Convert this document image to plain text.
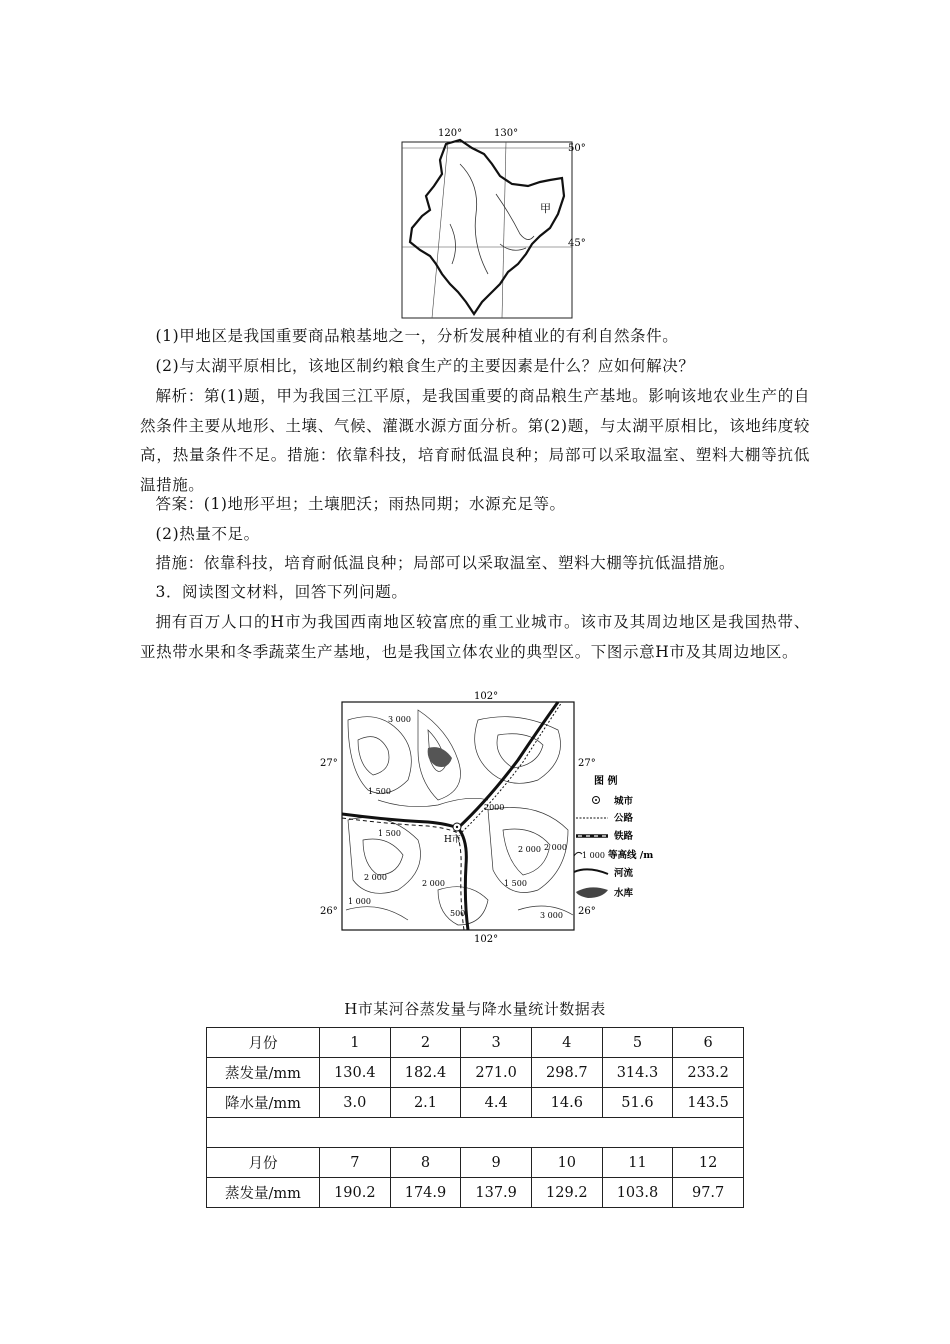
120°	130°
50°
45°
甲

(1)甲地区是我国重要商品粮基地之一，分析发展种植业的有利自然条件。

(2)与太湖平原相比，该地区制约粮食生产的主要因素是什么？应如何解决？

解析：第(1)题，甲为我国三江平原，是我国重要的商品粮生产基地。影响该地农业生产的自然条件主要从地形、土壤、气候、灌溉水源方面分析。第(2)题，与太湖平原相比，该地纬度较高，热量条件不足。措施：依靠科技，培育耐低温良种；局部可以采取温室、塑料大棚等抗低温措施。

答案：(1)地形平坦；土壤肥沃；雨热同期；水源充足等。

(2)热量不足。

措施：依靠科技，培育耐低温良种；局部可以采取温室、塑料大棚等抗低温措施。

3．阅读图文材料，回答下列问题。

拥有百万人口的H市为我国西南地区较富庶的重工业城市。该市及其周边地区是我国热带、亚热带水果和冬季蔬菜生产基地，也是我国立体农业的典型区。下图示意H市及其周边地区。

H市
102°
102°
27°	27°
26°	26°
3 000
1 500
1 500
2 000
2 000
2 000
1 000
1 500
2 000
3 000
500
2000
图 例
城市
公路
铁路
1 000 等高线 /m
河流
水库
H市某河谷蒸发量与降水量统计数据表
月份	1	2	3	4	5	6
蒸发量/mm	130.4	182.4	271.0	298.7	314.3	233.2
降水量/mm	3.0	2.1	4.4	14.6	51.6	143.5

月份	7	8	9	10	11	12
蒸发量/mm	190.2	174.9	137.9	129.2	103.8	97.7
